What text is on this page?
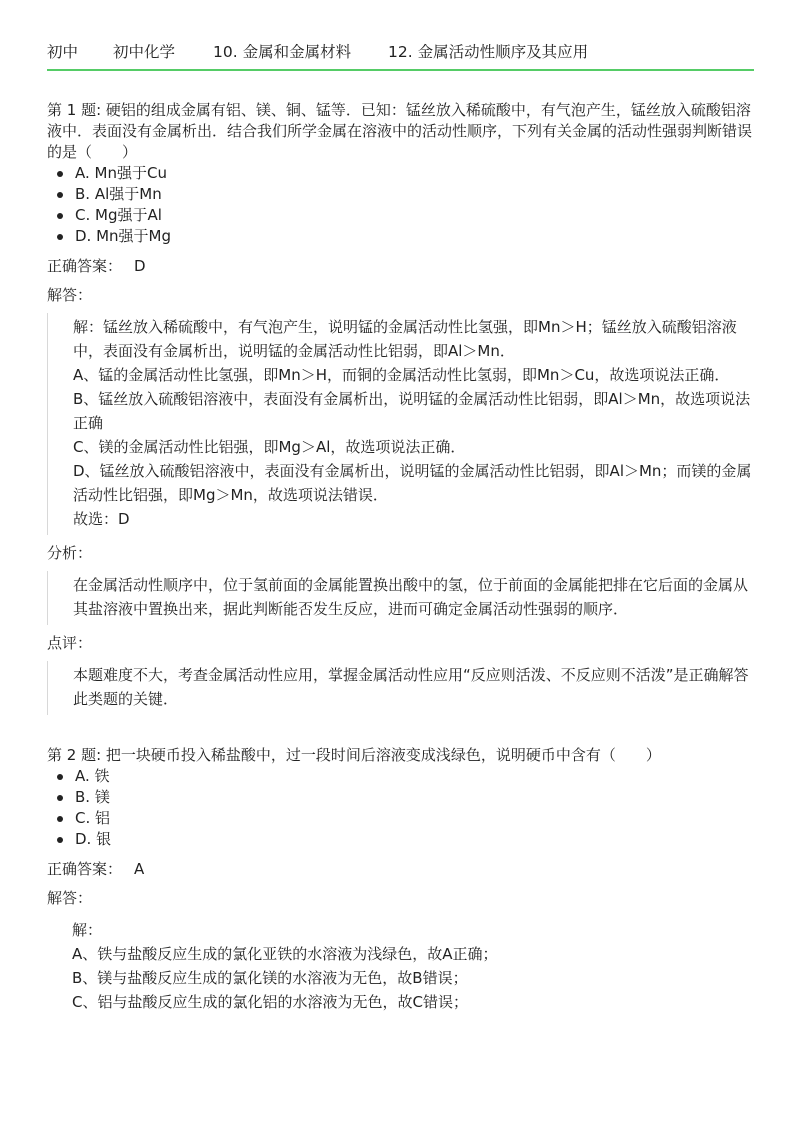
初中	初中化学	10. 金属和金属材料	12. 金属活动性顺序及其应用

第 1 题: 硬铝的组成金属有铝、镁、铜、锰等．已知：锰丝放入稀硫酸中，有气泡产生，锰丝放入硫酸铝溶液中．表面没有金属析出．结合我们所学金属在溶液中的活动性顺序，下列有关金属的活动性强弱判断错误的是（　　）

A. Mn强于Cu
B. Al强于Mn
C. Mg强于Al
D. Mn强于Mg
正确答案： D
解答：

解：锰丝放入稀硫酸中，有气泡产生，说明锰的金属活动性比氢强，即Mn＞H；锰丝放入硫酸铝溶液中，表面没有金属析出，说明锰的金属活动性比铝弱，即Al＞Mn．

A、锰的金属活动性比氢强，即Mn＞H，而铜的金属活动性比氢弱，即Mn＞Cu，故选项说法正确．

B、锰丝放入硫酸铝溶液中，表面没有金属析出，说明锰的金属活动性比铝弱，即Al＞Mn，故选项说法正确

C、镁的金属活动性比铝强，即Mg＞Al，故选项说法正确．

D、锰丝放入硫酸铝溶液中，表面没有金属析出，说明锰的金属活动性比铝弱，即Al＞Mn；而镁的金属活动性比铝强，即Mg＞Mn，故选项说法错误．

故选：D

分析：

在金属活动性顺序中，位于氢前面的金属能置换出酸中的氢，位于前面的金属能把排在它后面的金属从其盐溶液中置换出来，据此判断能否发生反应，进而可确定金属活动性强弱的顺序．

点评：

本题难度不大，考查金属活动性应用，掌握金属活动性应用“反应则活泼、不反应则不活泼”是正确解答此类题的关键．

第 2 题: 把一块硬币投入稀盐酸中，过一段时间后溶液变成浅绿色，说明硬币中含有（　　）

A. 铁
B. 镁
C. 铝
D. 银
正确答案： A
解答：

解：

A、铁与盐酸反应生成的氯化亚铁的水溶液为浅绿色，故A正确；

B、镁与盐酸反应生成的氯化镁的水溶液为无色，故B错误；

C、铝与盐酸反应生成的氯化铝的水溶液为无色，故C错误；
